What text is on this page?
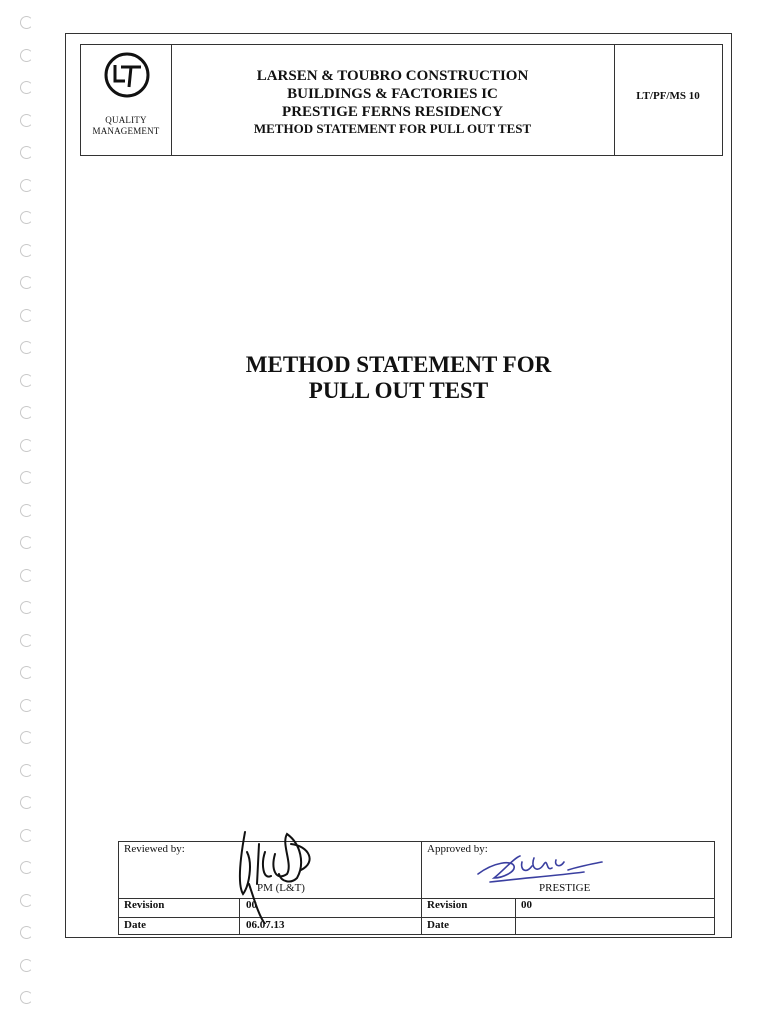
QUALITY
MANAGEMENT
LARSEN & TOUBRO CONSTRUCTION
BUILDINGS & FACTORIES IC
PRESTIGE FERNS RESIDENCY
METHOD STATEMENT FOR PULL OUT TEST
LT/PF/MS 10
METHOD STATEMENT FOR
PULL OUT TEST
Reviewed by:
PM (L&T)
Approved by:
PRESTIGE
Revision	00	Revision	00
Date	06.07.13	Date
